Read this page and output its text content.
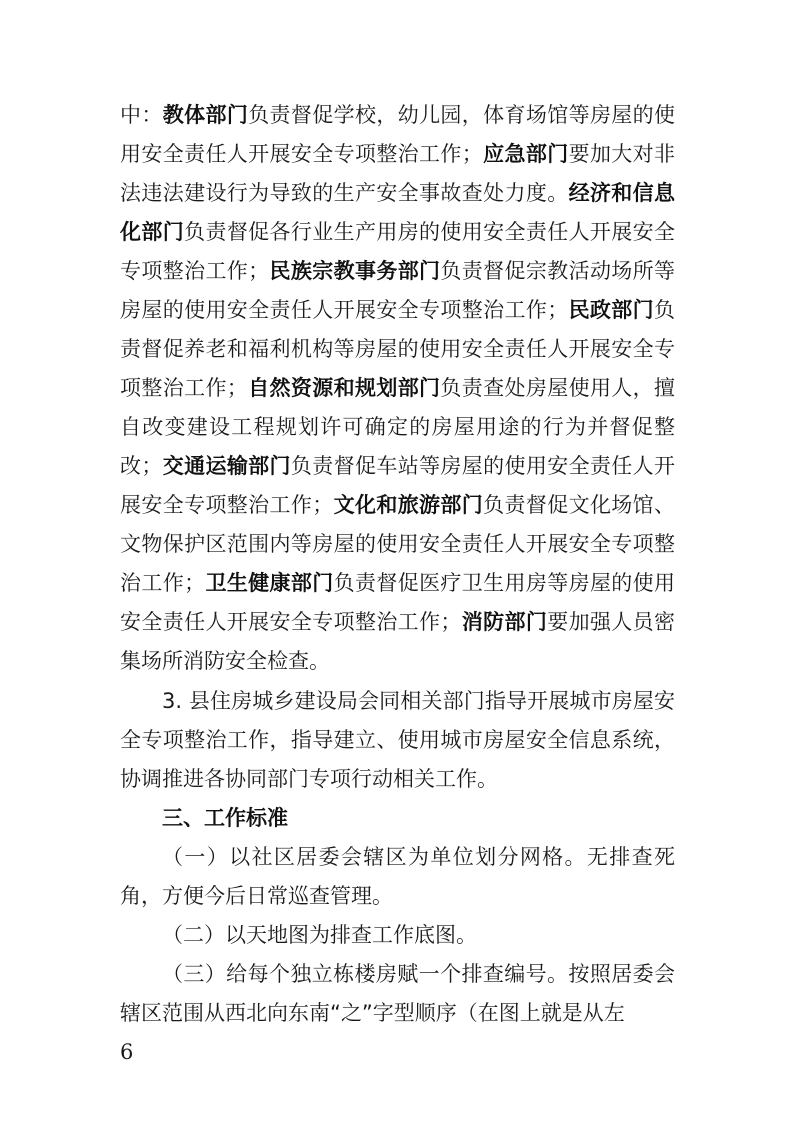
中：教体部门负责督促学校，幼儿园，体育场馆等房屋的使用安全责任人开展安全专项整治工作；应急部门要加大对非法违法建设行为导致的生产安全事故查处力度。经济和信息化部门负责督促各行业生产用房的使用安全责任人开展安全专项整治工作；民族宗教事务部门负责督促宗教活动场所等房屋的使用安全责任人开展安全专项整治工作；民政部门负责督促养老和福利机构等房屋的使用安全责任人开展安全专项整治工作；自然资源和规划部门负责查处房屋使用人，擅自改变建设工程规划许可确定的房屋用途的行为并督促整改；交通运输部门负责督促车站等房屋的使用安全责任人开展安全专项整治工作；文化和旅游部门负责督促文化场馆、文物保护区范围内等房屋的使用安全责任人开展安全专项整治工作；卫生健康部门负责督促医疗卫生用房等房屋的使用安全责任人开展安全专项整治工作；消防部门要加强人员密集场所消防安全检查。

3. 县住房城乡建设局会同相关部门指导开展城市房屋安全专项整治工作，指导建立、使用城市房屋安全信息系统，协调推进各协同部门专项行动相关工作。

三、工作标准

（一）以社区居委会辖区为单位划分网格。无排查死角，方便今后日常巡查管理。

（二）以天地图为排查工作底图。

（三）给每个独立栋楼房赋一个排查编号。按照居委会辖区范围从西北向东南“之”字型顺序（在图上就是从左

6
